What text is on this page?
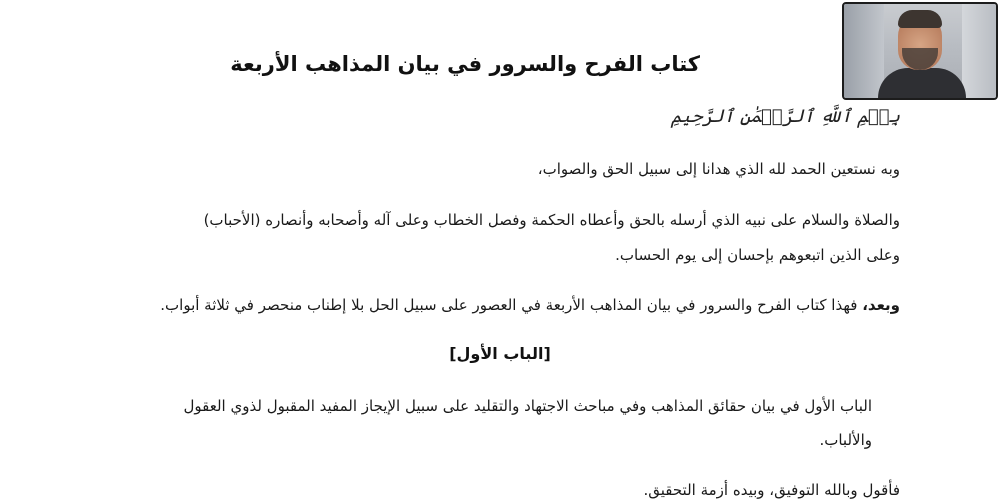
كتاب الفرح والسرور في بيان المذاهب الأربعة
بِسۡمِ ٱللَّهِ ٱلرَّحۡمَٰنِ ٱلرَّحِيمِ
وبه نستعين الحمد لله الذي هدانا إلى سبيل الحق والصواب،
والصلاة والسلام على نبيه الذي أرسله بالحق وأعطاه الحكمة وفصل الخطاب وعلى آله وأصحابه وأنصاره (الأحباب)
وعلى الذين اتبعوهم بإحسان إلى يوم الحساب.
وبعد، فهذا كتاب الفرح والسرور في بيان المذاهب الأربعة في العصور على سبيل الحل بلا إطناب منحصر في ثلاثة أبواب.
[الباب الأول]
الباب الأول في بيان حقائق المذاهب وفي مباحث الاجتهاد والتقليد على سبيل الإيجاز المفيد المقبول لذوي العقول
والألباب.
فأقول وبالله التوفيق، وبيده أزمة التحقيق.
